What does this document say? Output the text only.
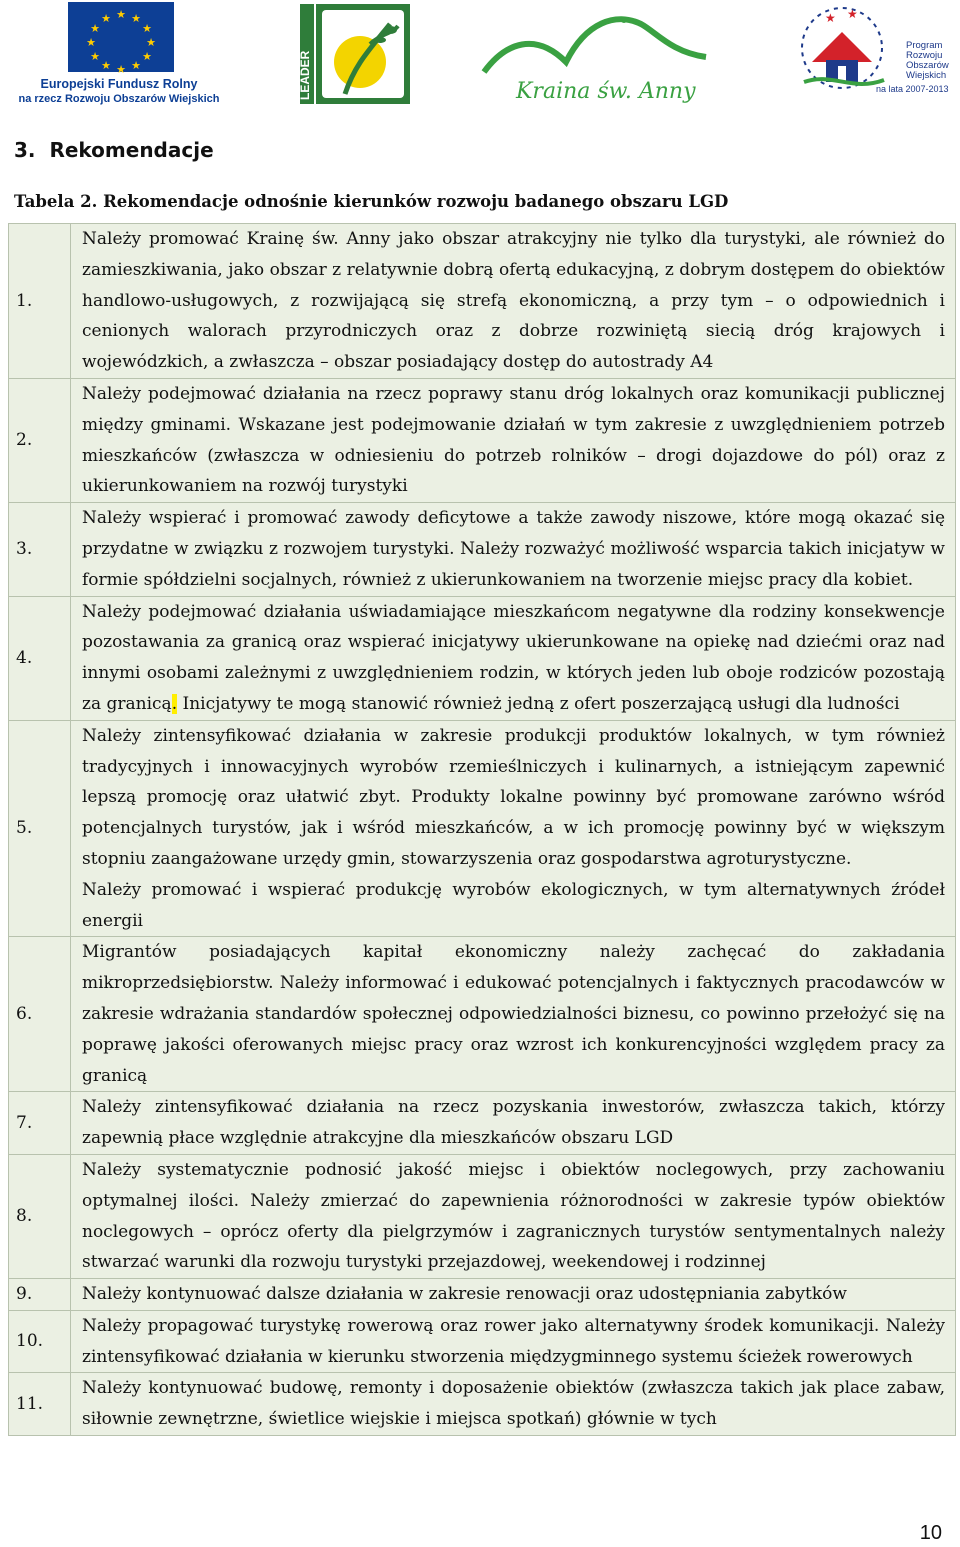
★ ★
★
★
★
★
★
★
★
★
★
★
Europejski Fundusz Rolny
na rzecz Rozwoju Obszarów Wiejskich	LEADER	Kraina św. Anny
★ ★
Program
Rozwoju
Obszarów
Wiejskich
na lata 2007-2013
3.  Rekomendacje
Tabela 2. Rekomendacje odnośnie kierunków rozwoju badanego obszaru LGD
1.	Należy promować Krainę św. Anny jako obszar atrakcyjny nie tylko dla turystyki, ale również do zamieszkiwania, jako obszar z relatywnie dobrą ofertą edukacyjną, z dobrym dostępem do obiektów handlowo-usługowych, z rozwijającą się strefą ekonomiczną, a przy tym – o odpowiednich i cenionych walorach przyrodniczych oraz z dobrze rozwiniętą siecią dróg krajowych i wojewódzkich, a zwłaszcza – obszar posiadający dostęp do autostrady A4
2.	Należy podejmować działania na rzecz poprawy stanu dróg lokalnych oraz komunikacji publicznej między gminami. Wskazane jest podejmowanie działań w tym zakresie z uwzględnieniem potrzeb mieszkańców (zwłaszcza w odniesieniu do potrzeb rolników – drogi dojazdowe do pól) oraz z ukierunkowaniem na rozwój turystyki
3.	Należy wspierać i promować zawody deficytowe a także zawody niszowe, które mogą okazać się przydatne w związku z rozwojem turystyki. Należy rozważyć możliwość wsparcia takich inicjatyw w formie spółdzielni socjalnych, również z ukierunkowaniem na tworzenie miejsc pracy dla kobiet.
4.	Należy podejmować działania uświadamiające mieszkańcom negatywne dla rodziny konsekwencje pozostawania za granicą oraz wspierać inicjatywy ukierunkowane na opiekę nad dziećmi oraz nad innymi osobami zależnymi z uwzględnieniem rodzin, w których jeden lub oboje rodziców pozostają za granicą. Inicjatywy te mogą stanowić również jedną z ofert poszerzającą usługi dla ludności
5.	Należy zintensyfikować działania w zakresie produkcji produktów lokalnych, w tym również tradycyjnych i innowacyjnych wyrobów rzemieślniczych i kulinarnych, a istniejącym zapewnić lepszą promocję oraz ułatwić zbyt. Produkty lokalne powinny być promowane zarówno wśród potencjalnych turystów, jak i wśród mieszkańców, a w ich promocję powinny być w większym stopniu zaangażowane urzędy gmin, stowarzyszenia oraz gospodarstwa agroturystyczne.
Należy promować i wspierać produkcję wyrobów ekologicznych, w tym alternatywnych źródeł energii

6.	Migrantów posiadających kapitał ekonomiczny należy zachęcać do zakładania mikroprzedsiębiorstw. Należy informować i edukować potencjalnych i faktycznych pracodawców w zakresie wdrażania standardów społecznej odpowiedzialności biznesu, co powinno przełożyć się na poprawę jakości oferowanych miejsc pracy oraz wzrost ich konkurencyjności względem pracy za granicą
7.	Należy zintensyfikować działania na rzecz pozyskania inwestorów, zwłaszcza takich, którzy zapewnią płace względnie atrakcyjne dla mieszkańców obszaru LGD
8.	Należy systematycznie podnosić jakość miejsc i obiektów noclegowych, przy zachowaniu optymalnej ilości. Należy zmierzać do zapewnienia różnorodności w zakresie typów obiektów noclegowych – oprócz oferty dla pielgrzymów i zagranicznych turystów sentymentalnych należy stwarzać warunki dla rozwoju turystyki przejazdowej, weekendowej i rodzinnej
9.	Należy kontynuować dalsze działania w zakresie renowacji oraz udostępniania zabytków
10.	Należy propagować turystykę rowerową oraz rower jako alternatywny środek komunikacji. Należy zintensyfikować działania w kierunku stworzenia międzygminnego systemu ścieżek rowerowych
11.	Należy kontynuować budowę, remonty i doposażenie obiektów (zwłaszcza takich jak place zabaw, siłownie zewnętrzne, świetlice wiejskie i miejsca spotkań) głównie w tych
10
